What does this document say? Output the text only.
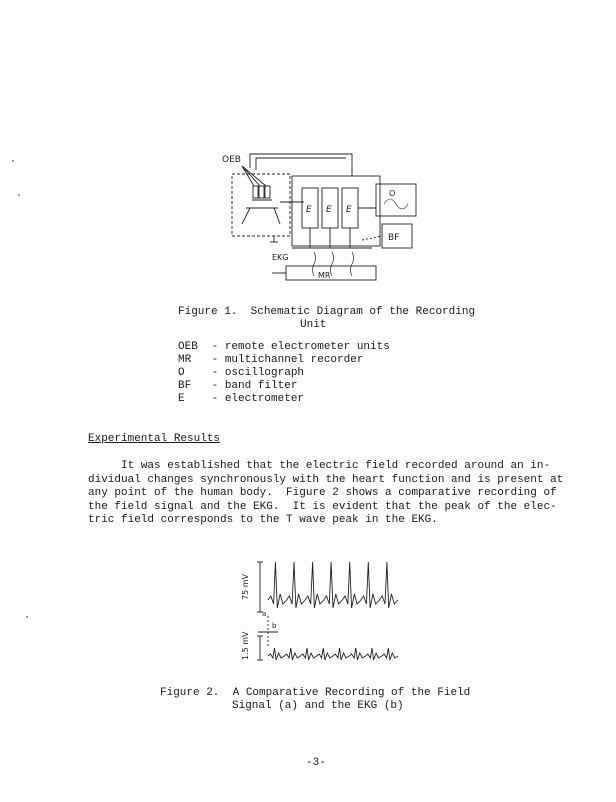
OEB
E E E
O
BF
EKG
MR
Figure 1.  Schematic Diagram of the Recording
Unit
OEB - remote electrometer units
MR - multichannel recorder
O - oscillograph
BF - band filter
E - electrometer
Experimental Results
It was established that the electric field recorded around an in-
dividual changes synchronously with the heart function and is present at
any point of the human body.  Figure 2 shows a comparative recording of
the field signal and the EKG.  It is evident that the peak of the elec-
tric field corresponds to the T wave peak in the EKG.
75 mV
a
1.5 mV
b
Figure 2.  A Comparative Recording of the Field
Signal (a) and the EKG (b)
-3-
